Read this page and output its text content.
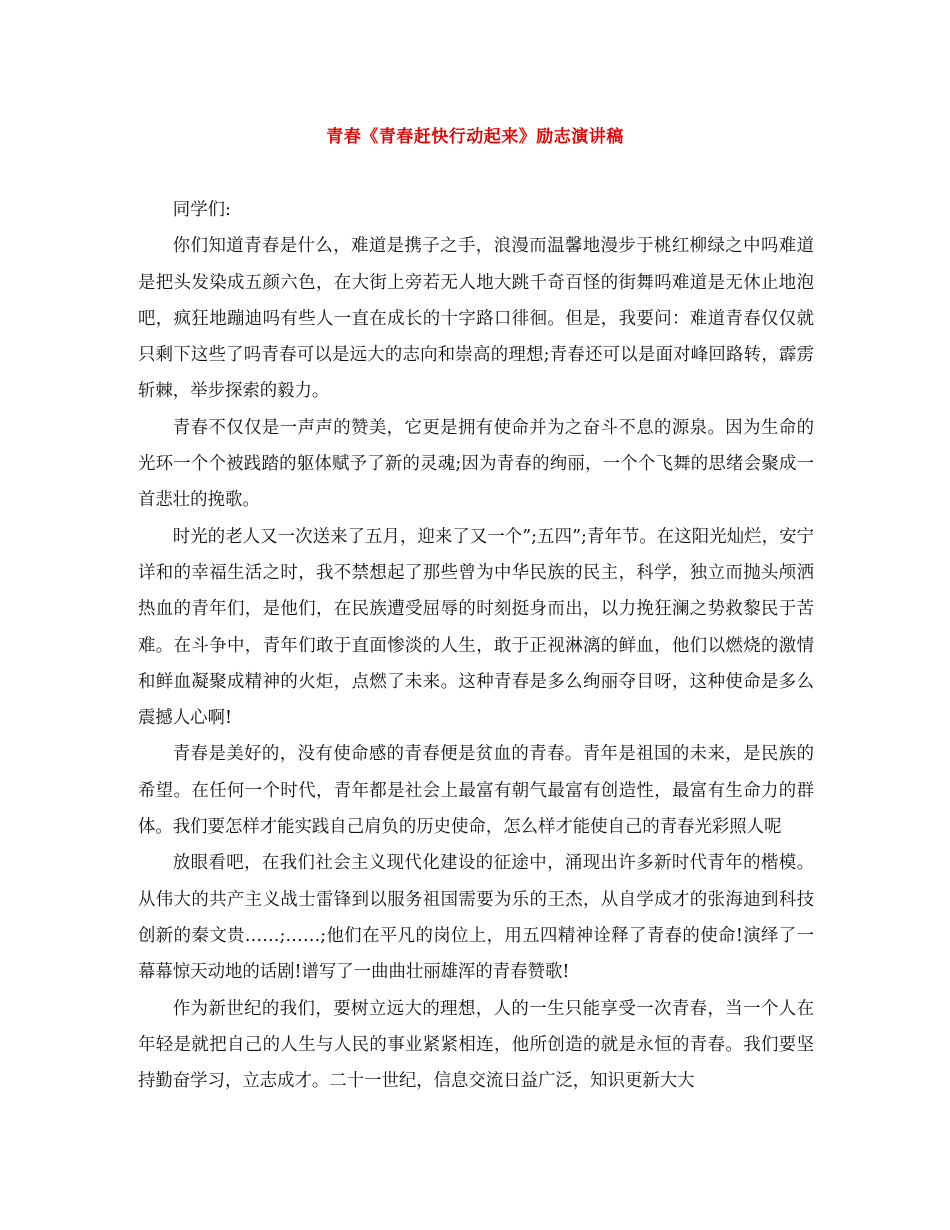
青春《青春赶快行动起来》励志演讲稿

同学们:

你们知道青春是什么，难道是携子之手，浪漫而温馨地漫步于桃红柳绿之中吗难道是把头发染成五颜六色，在大街上旁若无人地大跳千奇百怪的街舞吗难道是无休止地泡吧，疯狂地蹦迪吗有些人一直在成长的十字路口徘徊。但是，我要问：难道青春仅仅就只剩下这些了吗青春可以是远大的志向和崇高的理想;青春还可以是面对峰回路转，霹雳斩棘，举步探索的毅力。

青春不仅仅是一声声的赞美，它更是拥有使命并为之奋斗不息的源泉。因为生命的光环一个个被践踏的躯体赋予了新的灵魂;因为青春的绚丽，一个个飞舞的思绪会聚成一首悲壮的挽歌。

时光的老人又一次送来了五月，迎来了又一个”;五四”;青年节。在这阳光灿烂，安宁详和的幸福生活之时，我不禁想起了那些曾为中华民族的民主，科学，独立而抛头颅洒热血的青年们，是他们，在民族遭受屈辱的时刻挺身而出，以力挽狂澜之势救黎民于苦难。在斗争中，青年们敢于直面惨淡的人生，敢于正视淋漓的鲜血，他们以燃烧的激情和鲜血凝聚成精神的火炬，点燃了未来。这种青春是多么绚丽夺目呀，这种使命是多么震撼人心啊!

青春是美好的，没有使命感的青春便是贫血的青春。青年是祖国的未来，是民族的希望。在任何一个时代，青年都是社会上最富有朝气最富有创造性，最富有生命力的群体。我们要怎样才能实践自己肩负的历史使命，怎么样才能使自己的青春光彩照人呢

放眼看吧，在我们社会主义现代化建设的征途中，涌现出许多新时代青年的楷模。从伟大的共产主义战士雷锋到以服务祖国需要为乐的王杰，从自学成才的张海迪到科技创新的秦文贵……;……;他们在平凡的岗位上，用五四精神诠释了青春的使命!演绎了一幕幕惊天动地的话剧!谱写了一曲曲壮丽雄浑的青春赞歌!

作为新世纪的我们，要树立远大的理想，人的一生只能享受一次青春，当一个人在年轻是就把自己的人生与人民的事业紧紧相连，他所创造的就是永恒的青春。我们要坚持勤奋学习，立志成才。二十一世纪，信息交流日益广泛，知识更新大大
